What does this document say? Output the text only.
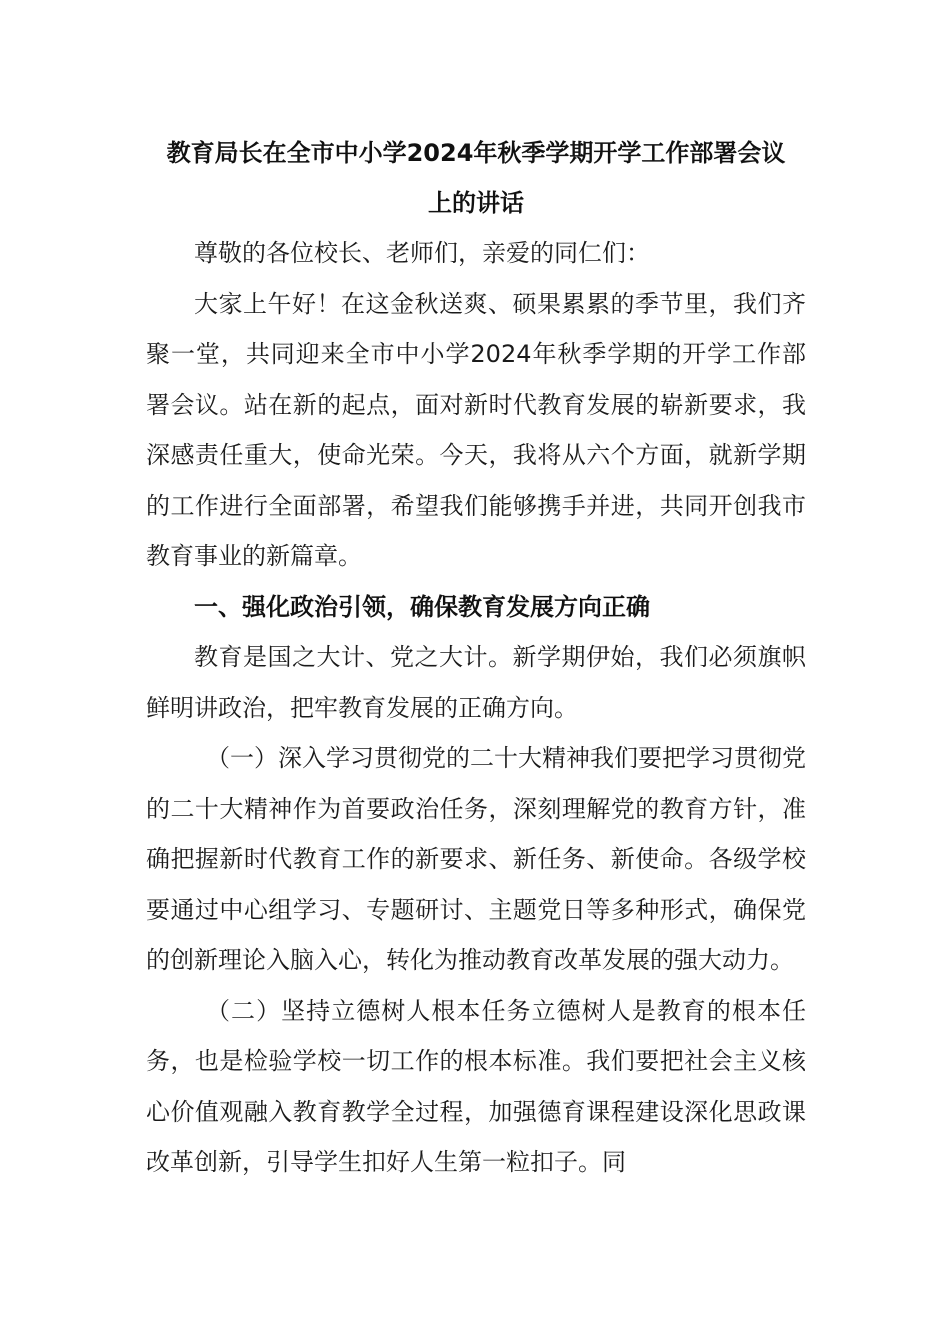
教育局长在全市中小学2024年秋季学期开学工作部署会议
上的讲话

尊敬的各位校长、老师们，亲爱的同仁们：

大家上午好！在这金秋送爽、硕果累累的季节里，我们齐聚一堂，共同迎来全市中小学2024年秋季学期的开学工作部署会议。站在新的起点，面对新时代教育发展的崭新要求，我深感责任重大，使命光荣。今天，我将从六个方面，就新学期的工作进行全面部署，希望我们能够携手并进，共同开创我市教育事业的新篇章。

一、强化政治引领，确保教育发展方向正确

教育是国之大计、党之大计。新学期伊始，我们必须旗帜鲜明讲政治，把牢教育发展的正确方向。

（一）深入学习贯彻党的二十大精神我们要把学习贯彻党的二十大精神作为首要政治任务，深刻理解党的教育方针，准确把握新时代教育工作的新要求、新任务、新使命。各级学校要通过中心组学习、专题研讨、主题党日等多种形式，确保党的创新理论入脑入心，转化为推动教育改革发展的强大动力。

（二）坚持立德树人根本任务立德树人是教育的根本任务，也是检验学校一切工作的根本标准。我们要把社会主义核心价值观融入教育教学全过程，加强德育课程建设深化思政课改革创新，引导学生扣好人生第一粒扣子。同
